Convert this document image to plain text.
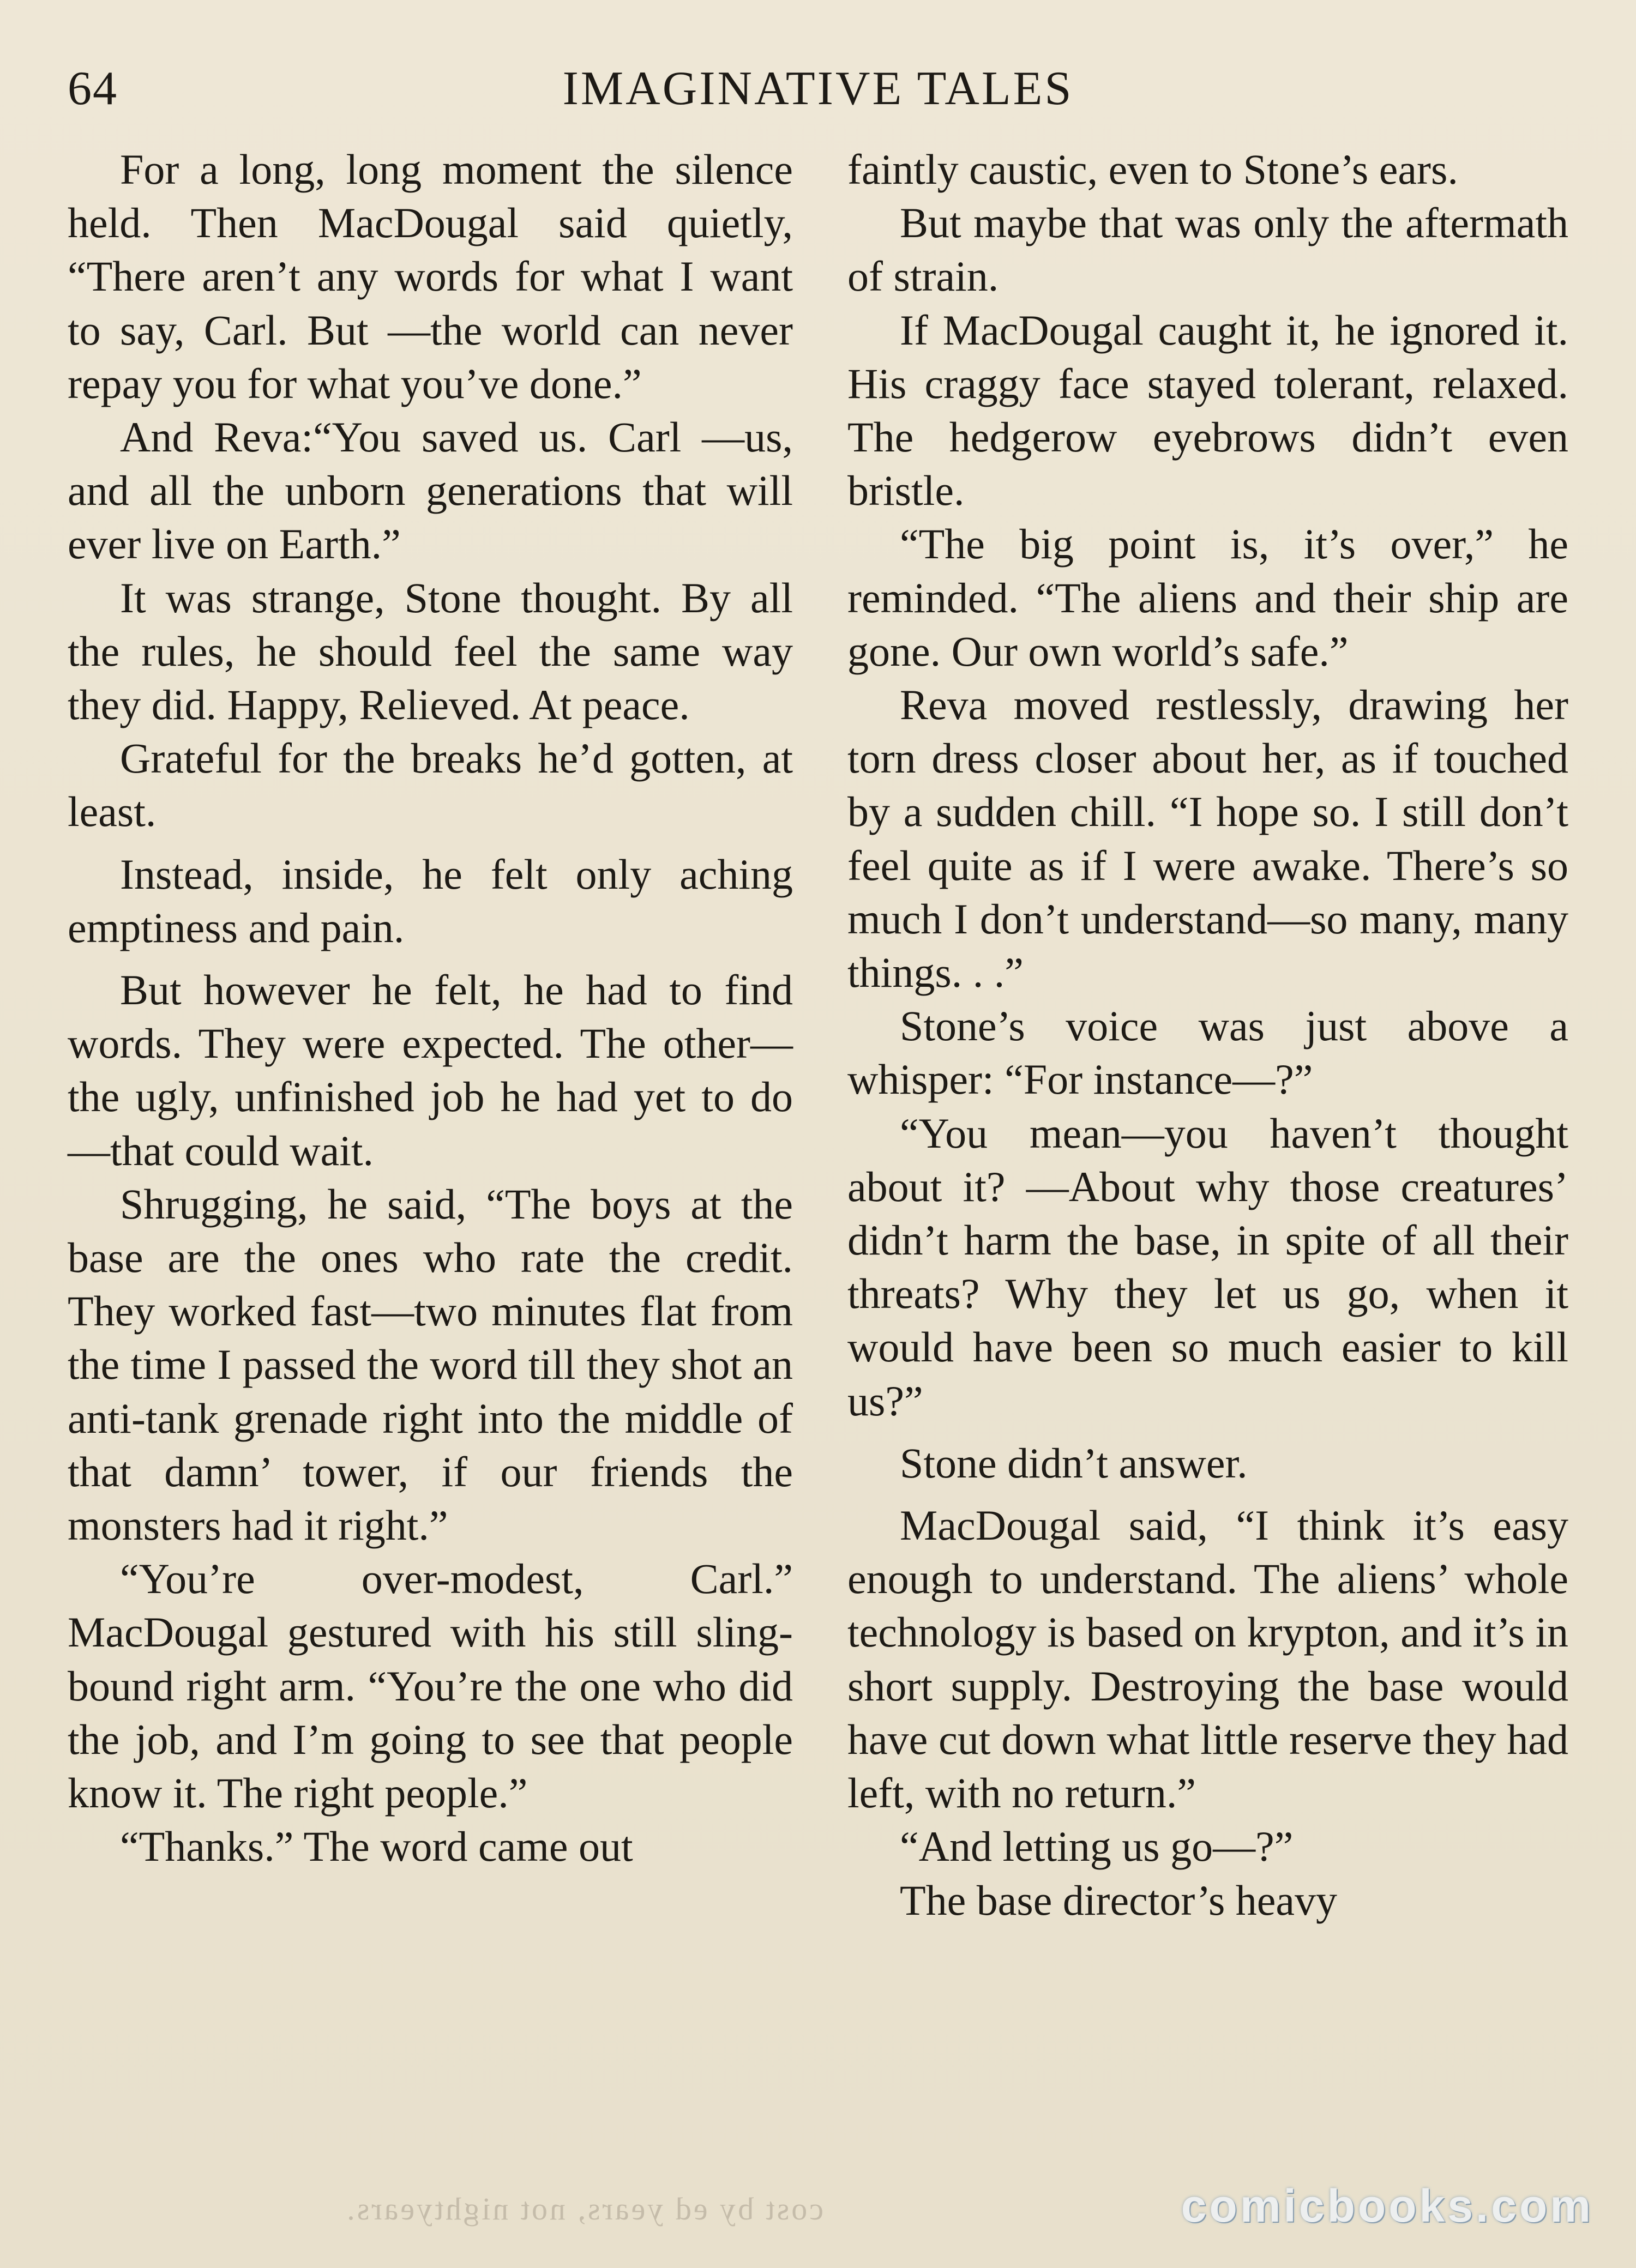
64	IMAGINATIVE TALES

For a long, long moment the silence held. Then MacDougal said quietly, “There aren’t any words for what I want to say, Carl. But —the world can never repay you for what you’ve done.”

And Reva:“You saved us. Carl —us, and all the unborn generations that will ever live on Earth.”

It was strange, Stone thought. By all the rules, he should feel the same way they did. Happy, Relieved. At peace.

Grateful for the breaks he’d gotten, at least.

Instead, inside, he felt only aching emptiness and pain.

But however he felt, he had to find words. They were expected. The other—the ugly, unfinished job he had yet to do—that could wait.

Shrugging, he said, “The boys at the base are the ones who rate the credit. They worked fast—two minutes flat from the time I passed the word till they shot an anti-tank grenade right into the middle of that damn’ tower, if our friends the monsters had it right.”

“You’re over-modest, Carl.” MacDougal gestured with his still sling-bound right arm. “You’re the one who did the job, and I’m going to see that people know it. The right people.”

“Thanks.” The word came out

faintly caustic, even to Stone’s ears.

But maybe that was only the aftermath of strain.

If MacDougal caught it, he ignored it. His craggy face stayed tolerant, relaxed. The hedgerow eyebrows didn’t even bristle.

“The big point is, it’s over,” he reminded. “The aliens and their ship are gone. Our own world’s safe.”

Reva moved restlessly, drawing her torn dress closer about her, as if touched by a sudden chill. “I hope so. I still don’t feel quite as if I were awake. There’s so much I don’t understand—so many, many things. . .”

Stone’s voice was just above a whisper: “For instance—?”

“You mean—you haven’t thought about it? —About why those creatures’ didn’t harm the base, in spite of all their threats? Why they let us go, when it would have been so much easier to kill us?”

Stone didn’t answer.

MacDougal said, “I think it’s easy enough to understand. The aliens’ whole technology is based on krypton, and it’s in short supply. Destroying the base would have cut down what little reserve they had left, with no return.”

“And letting us go—?”

The base director’s heavy

cost by ed years, not nightyears.	comicbooks.com
